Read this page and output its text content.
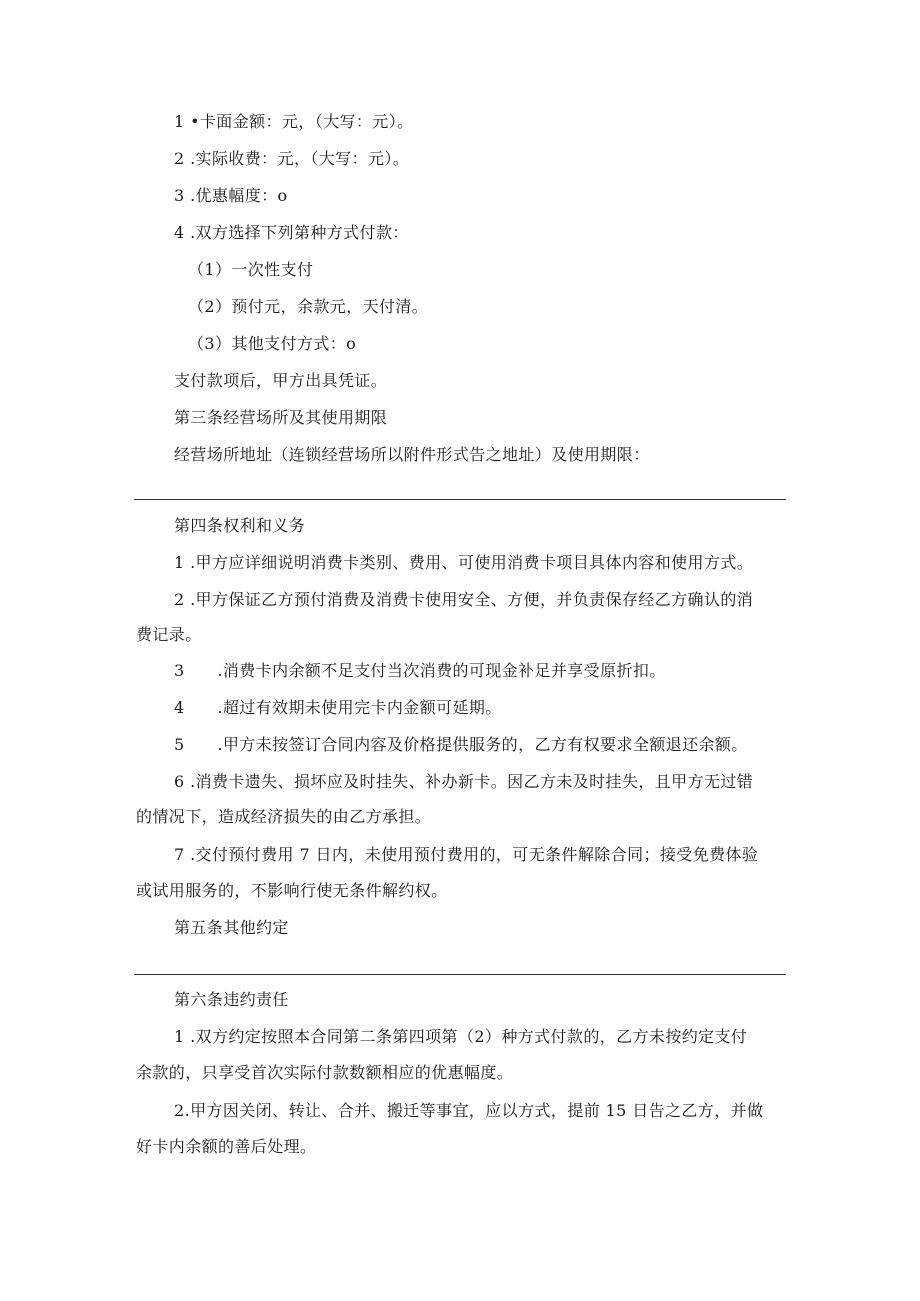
1 •卡面金额：元，（大写：元）。

2 .实际收费：元，（大写：元）。

3 .优惠幅度：o

4 .双方选择下列第种方式付款：

（1）一次性支付

（2）预付元，余款元，天付清。

（3）其他支付方式：o

支付款项后，甲方出具凭证。

第三条经营场所及其使用期限

经营场所地址（连锁经营场所以附件形式告之地址）及使用期限：

第四条权利和义务

1 .甲方应详细说明消费卡类别、费用、可使用消费卡项目具体内容和使用方式。

2 .甲方保证乙方预付消费及消费卡使用安全、方便，并负责保存经乙方确认的消

费记录。

3　　.消费卡内余额不足支付当次消费的可现金补足并享受原折扣。

4　　.超过有效期未使用完卡内金额可延期。

5　　.甲方未按签订合同内容及价格提供服务的，乙方有权要求全额退还余额。

6 .消费卡遗失、损坏应及时挂失、补办新卡。因乙方未及时挂失，且甲方无过错

的情况下，造成经济损失的由乙方承担。

7 .交付预付费用 7 日内，未使用预付费用的，可无条件解除合同；接受免费体验

或试用服务的，不影响行使无条件解约权。

第五条其他约定

第六条违约责任

1 .双方约定按照本合同第二条第四项第（2）种方式付款的，乙方未按约定支付

余款的，只享受首次实际付款数额相应的优惠幅度。

2.甲方因关闭、转让、合并、搬迁等事宜，应以方式，提前 15 日告之乙方，并做

好卡内余额的善后处理。
